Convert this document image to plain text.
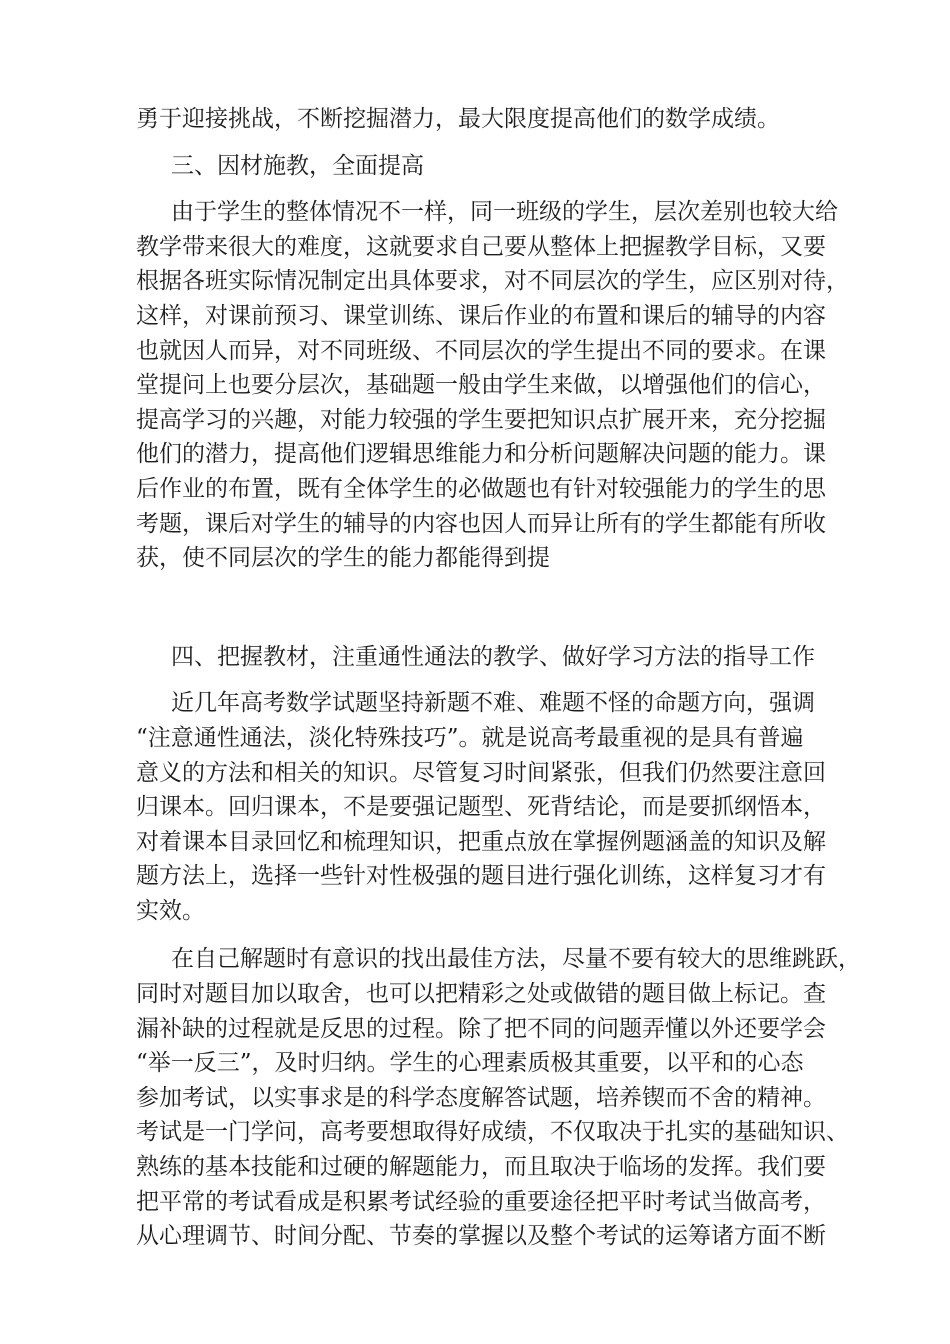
勇于迎接挑战，不断挖掘潜力，最大限度提高他们的数学成绩。
三、因材施教，全面提高
由于学生的整体情况不一样，同一班级的学生，层次差别也较大给
教学带来很大的难度，这就要求自己要从整体上把握教学目标，又要
根据各班实际情况制定出具体要求，对不同层次的学生，应区别对待，
这样，对课前预习、课堂训练、课后作业的布置和课后的辅导的内容
也就因人而异，对不同班级、不同层次的学生提出不同的要求。在课
堂提问上也要分层次，基础题一般由学生来做，以增强他们的信心，
提高学习的兴趣，对能力较强的学生要把知识点扩展开来，充分挖掘
他们的潜力，提高他们逻辑思维能力和分析问题解决问题的能力。课
后作业的布置，既有全体学生的必做题也有针对较强能力的学生的思
考题，课后对学生的辅导的内容也因人而异让所有的学生都能有所收
获，使不同层次的学生的能力都能得到提
四、把握教材，注重通性通法的教学、做好学习方法的指导工作
近几年高考数学试题坚持新题不难、难题不怪的命题方向，强调
“注意通性通法，淡化特殊技巧”。就是说高考最重视的是具有普遍
意义的方法和相关的知识。尽管复习时间紧张，但我们仍然要注意回
归课本。回归课本，不是要强记题型、死背结论，而是要抓纲悟本，
对着课本目录回忆和梳理知识，把重点放在掌握例题涵盖的知识及解
题方法上，选择一些针对性极强的题目进行强化训练，这样复习才有
实效。
在自己解题时有意识的找出最佳方法，尽量不要有较大的思维跳跃，
同时对题目加以取舍，也可以把精彩之处或做错的题目做上标记。查
漏补缺的过程就是反思的过程。除了把不同的问题弄懂以外还要学会
“举一反三”，及时归纳。学生的心理素质极其重要，以平和的心态
参加考试，以实事求是的科学态度解答试题，培养锲而不舍的精神。
考试是一门学问，高考要想取得好成绩，不仅取决于扎实的基础知识、
熟练的基本技能和过硬的解题能力，而且取决于临场的发挥。我们要
把平常的考试看成是积累考试经验的重要途径把平时考试当做高考，
从心理调节、时间分配、节奏的掌握以及整个考试的运筹诸方面不断
